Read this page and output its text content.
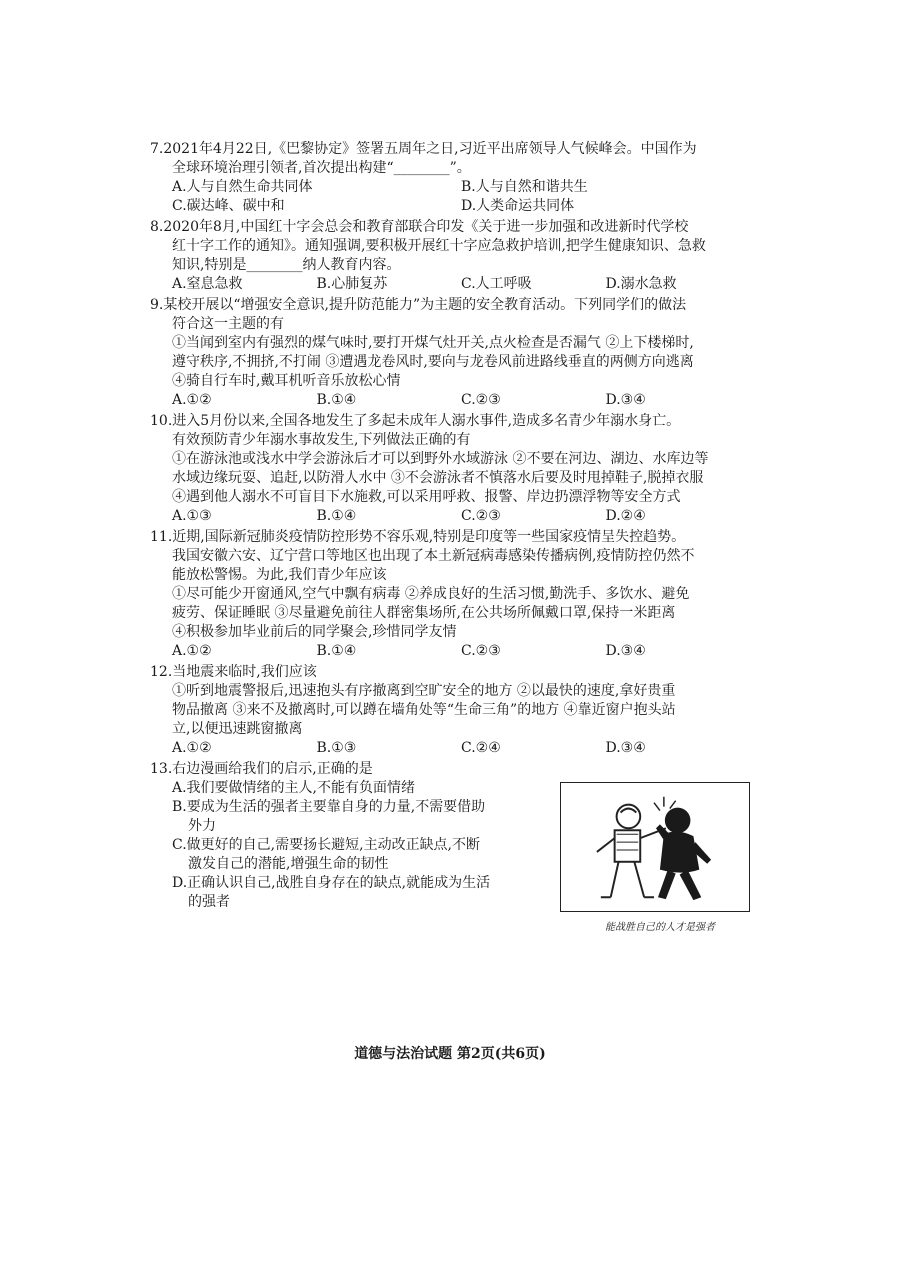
7.2021年4月22日,《巴黎协定》签署五周年之日,习近平出席领导人气候峰会。中国作为
全球环境治理引领者,首次提出构建“________”。
A.人与自然生命共同体	B.人与自然和谐共生
C.碳达峰、碳中和	D.人类命运共同体
8.2020年8月,中国红十字会总会和教育部联合印发《关于进一步加强和改进新时代学校
红十字工作的通知》。通知强调,要积极开展红十字应急救护培训,把学生健康知识、急救
知识,特别是________纳人教育内容。
A.窒息急救	B.心肺复苏	C.人工呼吸	D.溺水急救
9.某校开展以“增强安全意识,提升防范能力”为主题的安全教育活动。下列同学们的做法
符合这一主题的有
①当闻到室内有强烈的煤气味时,要打开煤气灶开关,点火检查是否漏气 ②上下楼梯时,
遵守秩序,不拥挤,不打闹 ③遭遇龙卷风时,要向与龙卷风前进路线垂直的两侧方向逃离
④骑自行车时,戴耳机听音乐放松心情
A.①②	B.①④	C.②③	D.③④
10.进入5月份以来,全国各地发生了多起未成年人溺水事件,造成多名青少年溺水身亡。
有效预防青少年溺水事故发生,下列做法正确的有
①在游泳池或浅水中学会游泳后才可以到野外水域游泳 ②不要在河边、湖边、水库边等
水域边缘玩耍、追赶,以防滑人水中 ③不会游泳者不慎落水后要及时甩掉鞋子,脱掉衣服
④遇到他人溺水不可盲目下水施救,可以采用呼救、报警、岸边扔漂浮物等安全方式
A.①③	B.①④	C.②③	D.②④
11.近期,国际新冠肺炎疫情防控形势不容乐观,特别是印度等一些国家疫情呈失控趋势。
我国安徽六安、辽宁营口等地区也出现了本土新冠病毒感染传播病例,疫情防控仍然不
能放松警惕。为此,我们青少年应该
①尽可能少开窗通风,空气中飘有病毒 ②养成良好的生活习惯,勤洗手、多饮水、避免
疲劳、保证睡眠 ③尽量避免前往人群密集场所,在公共场所佩戴口罩,保持一米距离
④积极参加毕业前后的同学聚会,珍惜同学友情
A.①②	B.①④	C.②③	D.③④
12.当地震来临时,我们应该
①听到地震警报后,迅速抱头有序撤离到空旷安全的地方 ②以最快的速度,拿好贵重
物品撤离 ③来不及撤离时,可以蹲在墙角处等“生命三角”的地方 ④靠近窗户抱头站
立,以便迅速跳窗撤离
A.①②	B.①③	C.②④	D.③④
13.右边漫画给我们的启示,正确的是
A.我们要做情绪的主人,不能有负面情绪
B.要成为生活的强者主要靠自身的力量,不需要借助
外力
C.做更好的自己,需要扬长避短,主动改正缺点,不断
激发自己的潜能,增强生命的韧性
D.正确认识自己,战胜自身存在的缺点,就能成为生活
的强者
能战胜自己的人才是强者
道德与法治试题 第2页(共6页)
